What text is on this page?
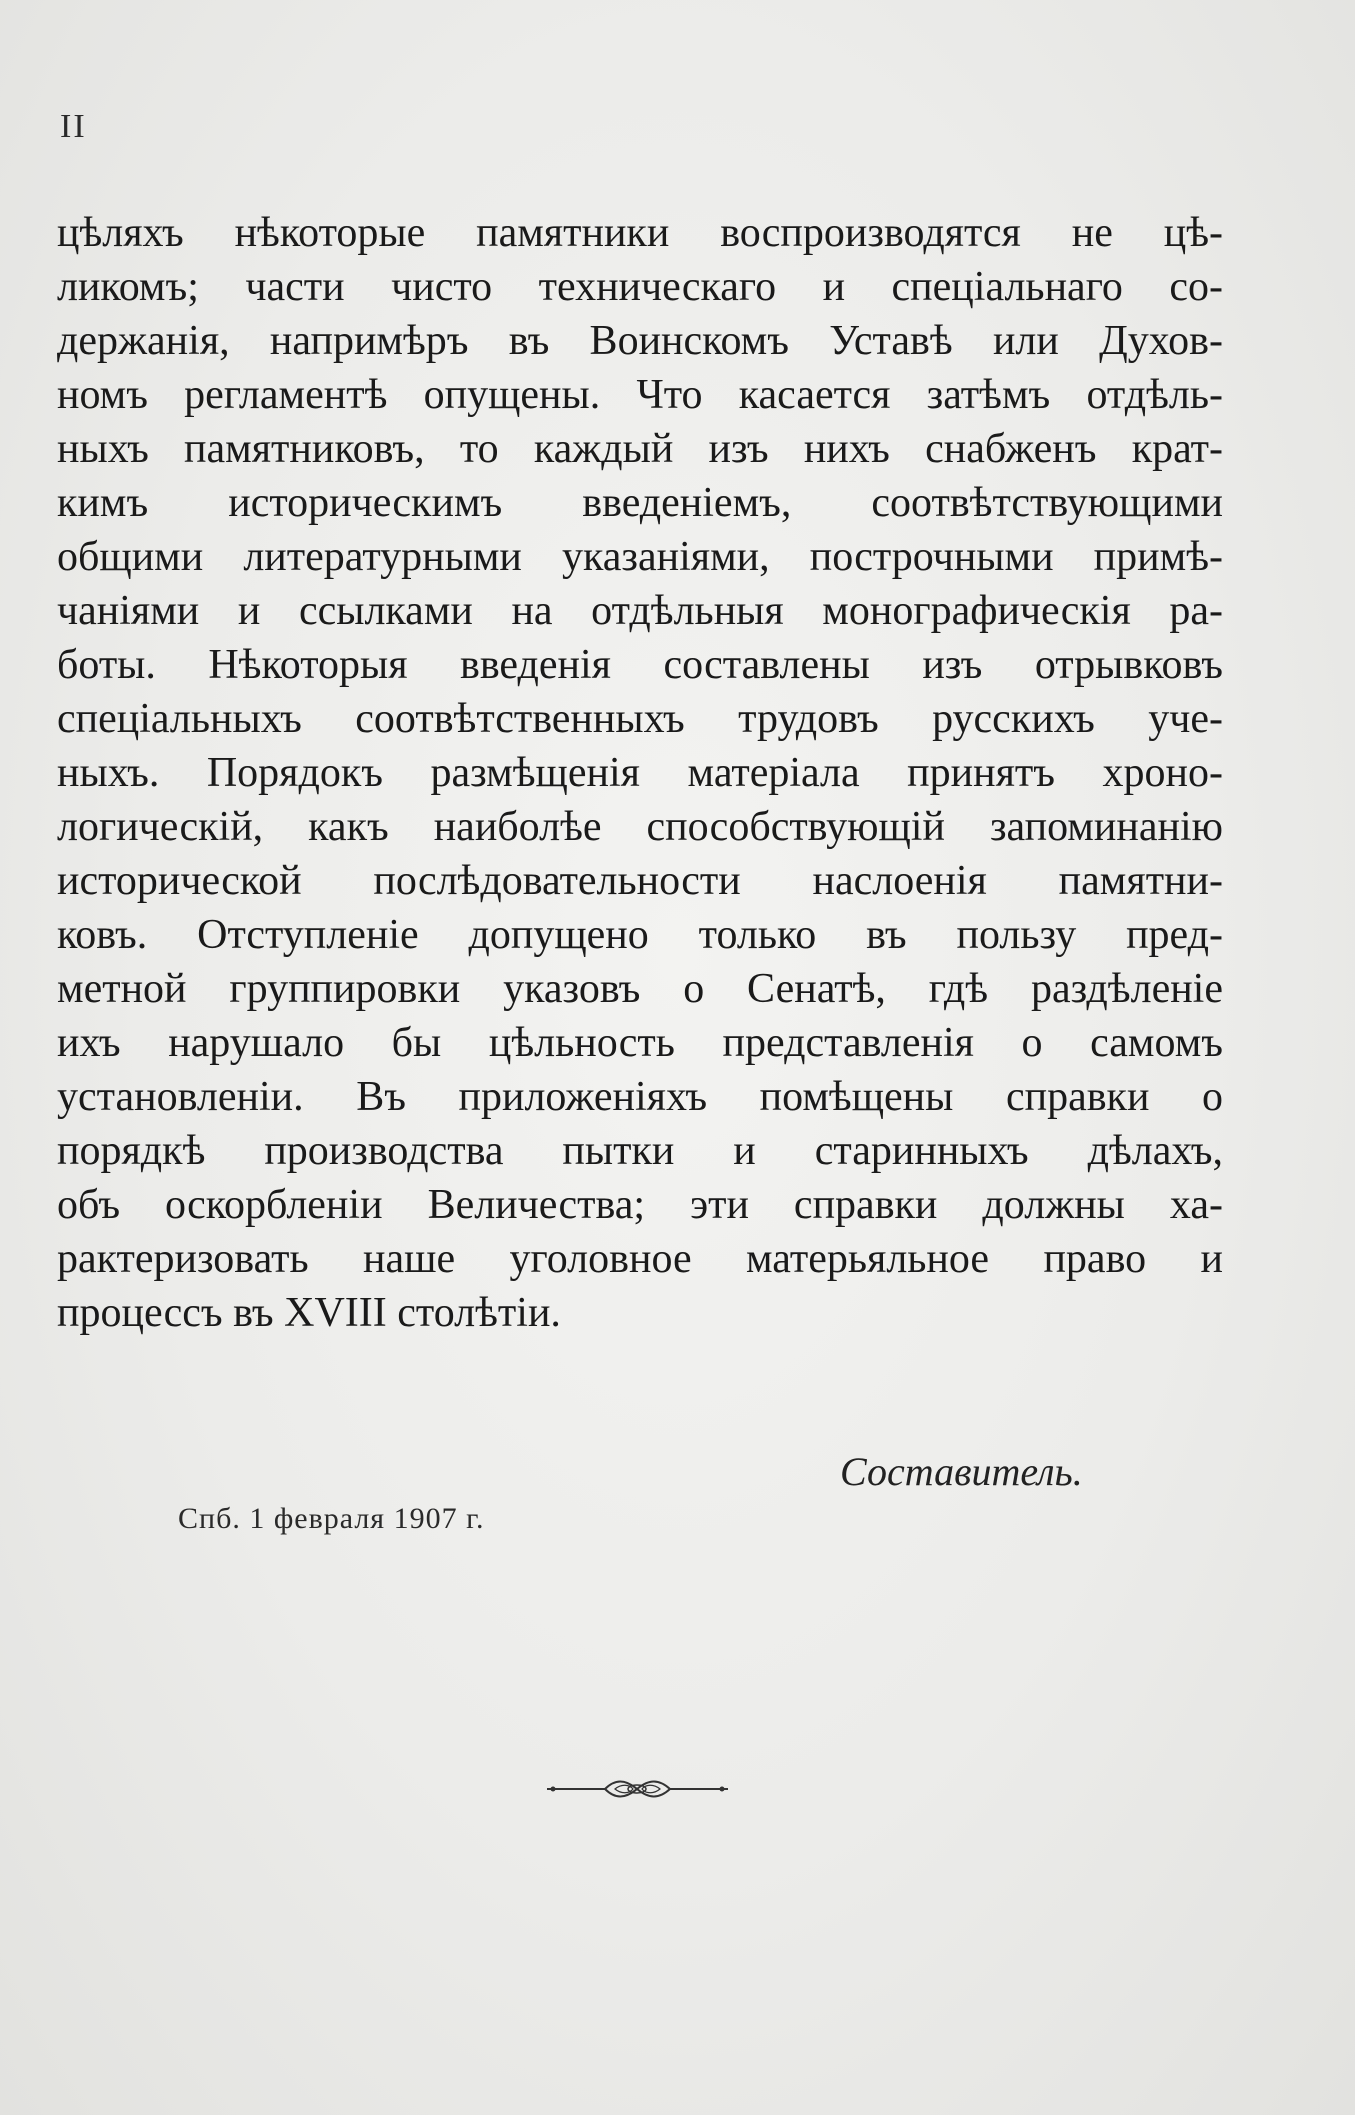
II
цѣляхъ нѣкоторые памятники воспроизводятся не цѣ-
ликомъ; части чисто техническаго и спеціальнаго со-
держанія, напримѣръ въ Воинскомъ Уставѣ или Духов-
номъ регламентѣ опущены. Что касается затѣмъ отдѣль-
ныхъ памятниковъ, то каждый изъ нихъ снабженъ крат-
кимъ историческимъ введеніемъ, соотвѣтствующими
общими литературными указаніями, построчными примѣ-
чаніями и ссылками на отдѣльныя монографическія ра-
боты. Нѣкоторыя введенія составлены изъ отрывковъ
спеціальныхъ соотвѣтственныхъ трудовъ русскихъ уче-
ныхъ. Порядокъ размѣщенія матеріала принятъ хроно-
логическій, какъ наиболѣе способствующій запоминанію
исторической послѣдовательности наслоенія памятни-
ковъ. Отступленіе допущено только въ пользу пред-
метной группировки указовъ о Сенатѣ, гдѣ раздѣленіе
ихъ нарушало бы цѣльность представленія о самомъ
установленіи. Въ приложеніяхъ помѣщены справки о
порядкѣ производства пытки и старинныхъ дѣлахъ,
объ оскорбленіи Величества; эти справки должны ха-
рактеризовать наше уголовное матерьяльное право и
процессъ въ XVIII столѣтіи.
Составитель.
Спб. 1 февраля 1907 г.
